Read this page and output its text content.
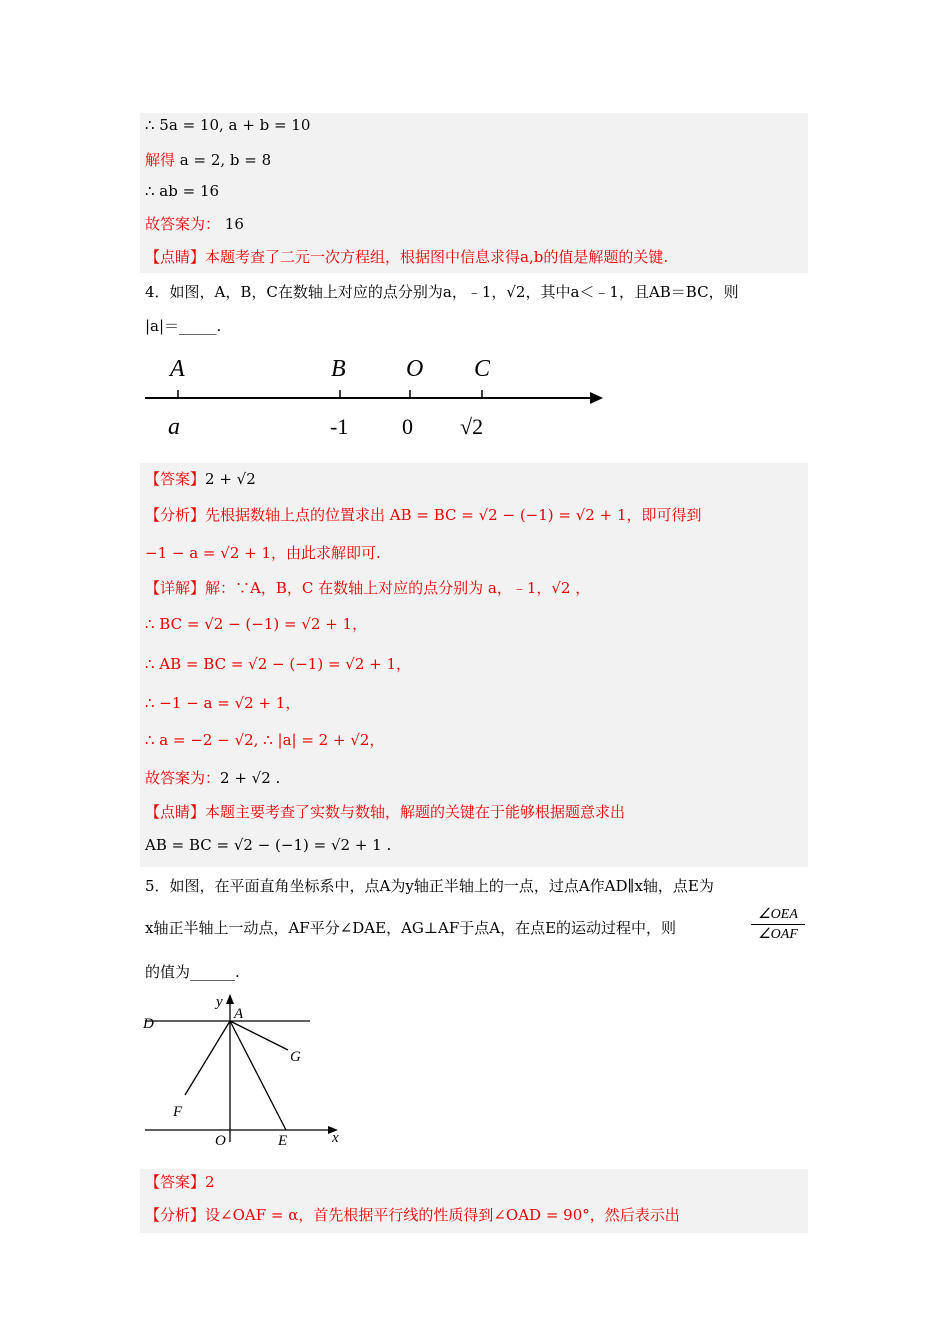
∴ 5a = 10, a + b = 10
解得 a = 2, b = 8
∴ ab = 16
故答案为： 16
【点睛】本题考查了二元一次方程组，根据图中信息求得a,b的值是解题的关键.
4．如图，A，B，C在数轴上对应的点分别为a，﹣1，√2，其中a＜﹣1，且AB＝BC，则
|a|＝_____.
A	B	O C
a	-1 0 √2
【答案】2 + √2
【分析】先根据数轴上点的位置求出 AB = BC = √2 − (−1) = √2 + 1，即可得到
−1 − a = √2 + 1，由此求解即可.
【详解】解：∵A，B，C 在数轴上对应的点分别为 a，﹣1，√2 ，
∴ BC = √2 − (−1) = √2 + 1，
∴ AB = BC = √2 − (−1) = √2 + 1，
∴ −1 − a = √2 + 1，
∴ a = −2 − √2, ∴ |a| = 2 + √2，
故答案为：2 + √2 .
【点睛】本题主要考查了实数与数轴，解题的关键在于能够根据题意求出
AB = BC = √2 − (−1) = √2 + 1 .
5．如图，在平面直角坐标系中，点A为y轴正半轴上的一点，过点A作AD∥x轴，点E为
x轴正半轴上一动点，AF平分∠DAE，AG⊥AF于点A，在点E的运动过程中，则
∠OEA
∠OAF
的值为______.
y
A
D
G
F
O	E	x
【答案】2
【分析】设∠OAF = α，首先根据平行线的性质得到∠OAD = 90°，然后表示出
